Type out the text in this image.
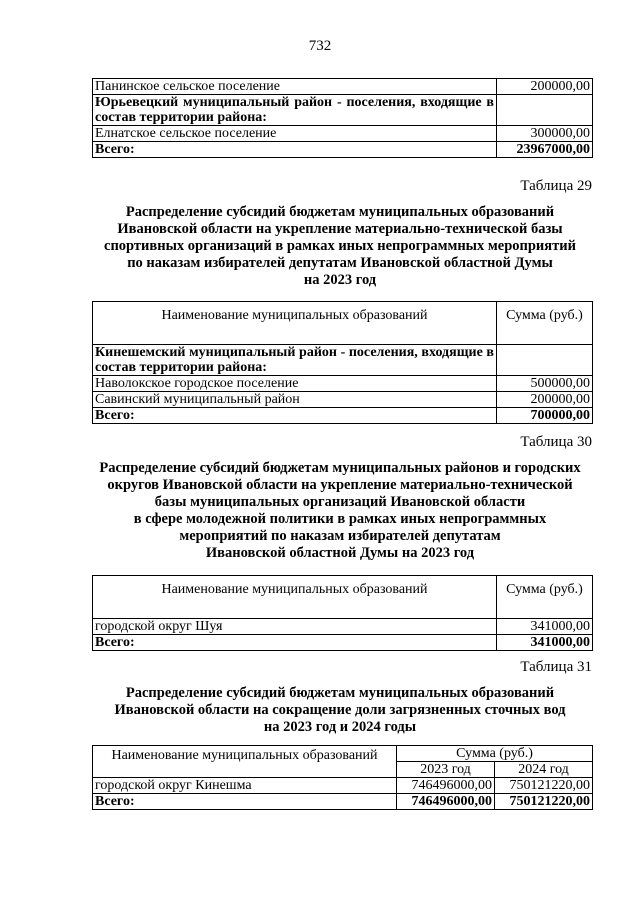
732
Панинское сельское поселение	200000,00
Юрьевецкий муниципальный район - поселения, входящие в состав территории района:	
Елнатское сельское поселение	300000,00
Всего:	23967000,00
Таблица 29
Распределение субсидий бюджетам муниципальных образований
Ивановской области на укрепление материально-технической базы
спортивных организаций в рамках иных непрограммных мероприятий
по наказам избирателей депутатам Ивановской областной Думы
на 2023 год
Наименование муниципальных образований	Сумма (руб.)
Кинешемский муниципальный район - поселения, входящие в состав территории района:	
Наволокское городское поселение	500000,00
Савинский муниципальный район	200000,00
Всего:	700000,00
Таблица 30
Распределение субсидий бюджетам муниципальных районов и городских
округов Ивановской области на укрепление материально-технической
базы муниципальных организаций Ивановской области
в сфере молодежной политики в рамках иных непрограммных
мероприятий по наказам избирателей депутатам
Ивановской областной Думы на 2023 год
Наименование муниципальных образований	Сумма (руб.)
городской округ Шуя	341000,00
Всего:	341000,00
Таблица 31
Распределение субсидий бюджетам муниципальных образований
Ивановской области на сокращение доли загрязненных сточных вод
на 2023 год и 2024 годы
Наименование муниципальных образований	Сумма (руб.)	
	2023 год	2024 год
городской округ Кинешма	746496000,00	750121220,00
Всего:	746496000,00	750121220,00
